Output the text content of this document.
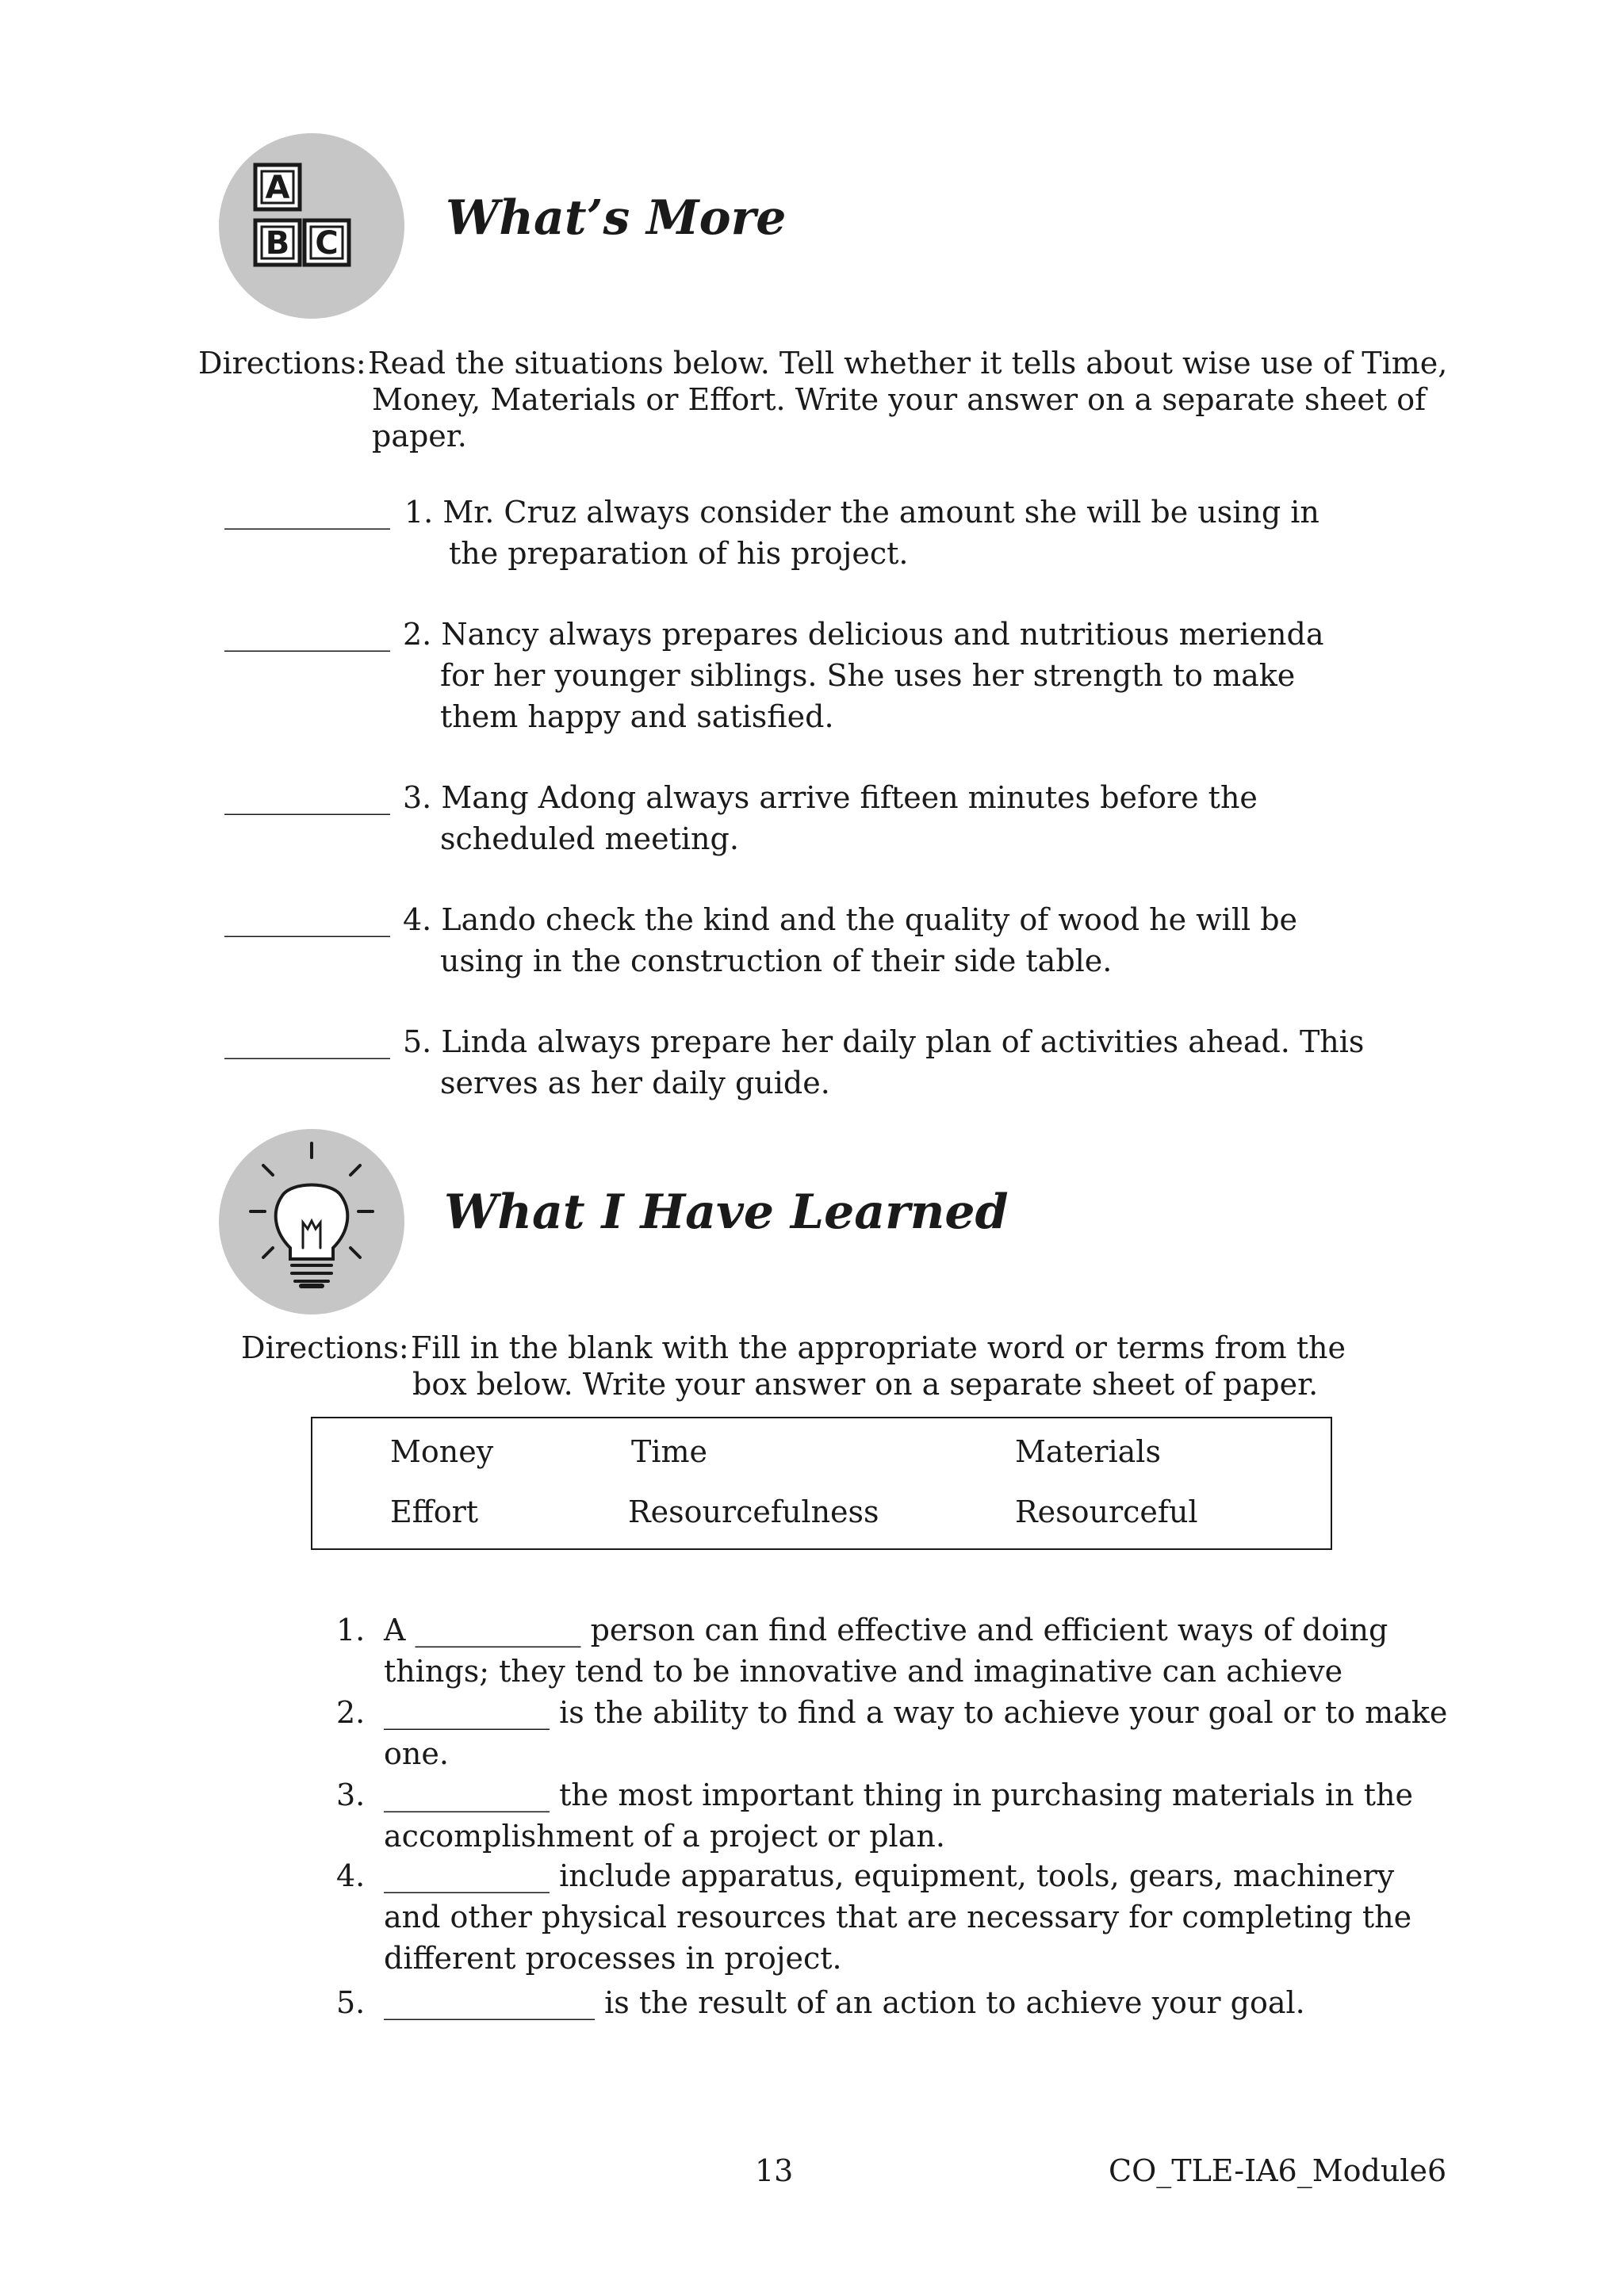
A
B C What’s More
Directions: Read the situations below. Tell whether it tells about wise use of Time,
Money, Materials or Effort. Write your answer on a separate sheet of
paper.
___________ 1. Mr. Cruz always consider the amount she will be using in
the preparation of his project.
___________ 2. Nancy always prepares delicious and nutritious merienda
for her younger siblings. She uses her strength to make
them happy and satisfied.
___________ 3. Mang Adong always arrive fifteen minutes before the
scheduled meeting.
___________ 4. Lando check the kind and the quality of wood he will be
using in the construction of their side table.
___________ 5. Linda always prepare her daily plan of activities ahead. This
serves as her daily guide.
What I Have Learned
Directions: Fill in the blank with the appropriate word or terms from the
box below. Write your answer on a separate sheet of paper.
Money	Time	Materials
Effort	Resourcefulness	Resourceful
1. A ___________ person can find effective and efficient ways of doing
things; they tend to be innovative and imaginative can achieve
2. ___________ is the ability to find a way to achieve your goal or to make
one.
3. ___________ the most important thing in purchasing materials in the
accomplishment of a project or plan.
4. ___________ include apparatus, equipment, tools, gears, machinery
and other physical resources that are necessary for completing the
different processes in project.
5. ______________ is the result of an action to achieve your goal.
13	CO_TLE-IA6_Module6
